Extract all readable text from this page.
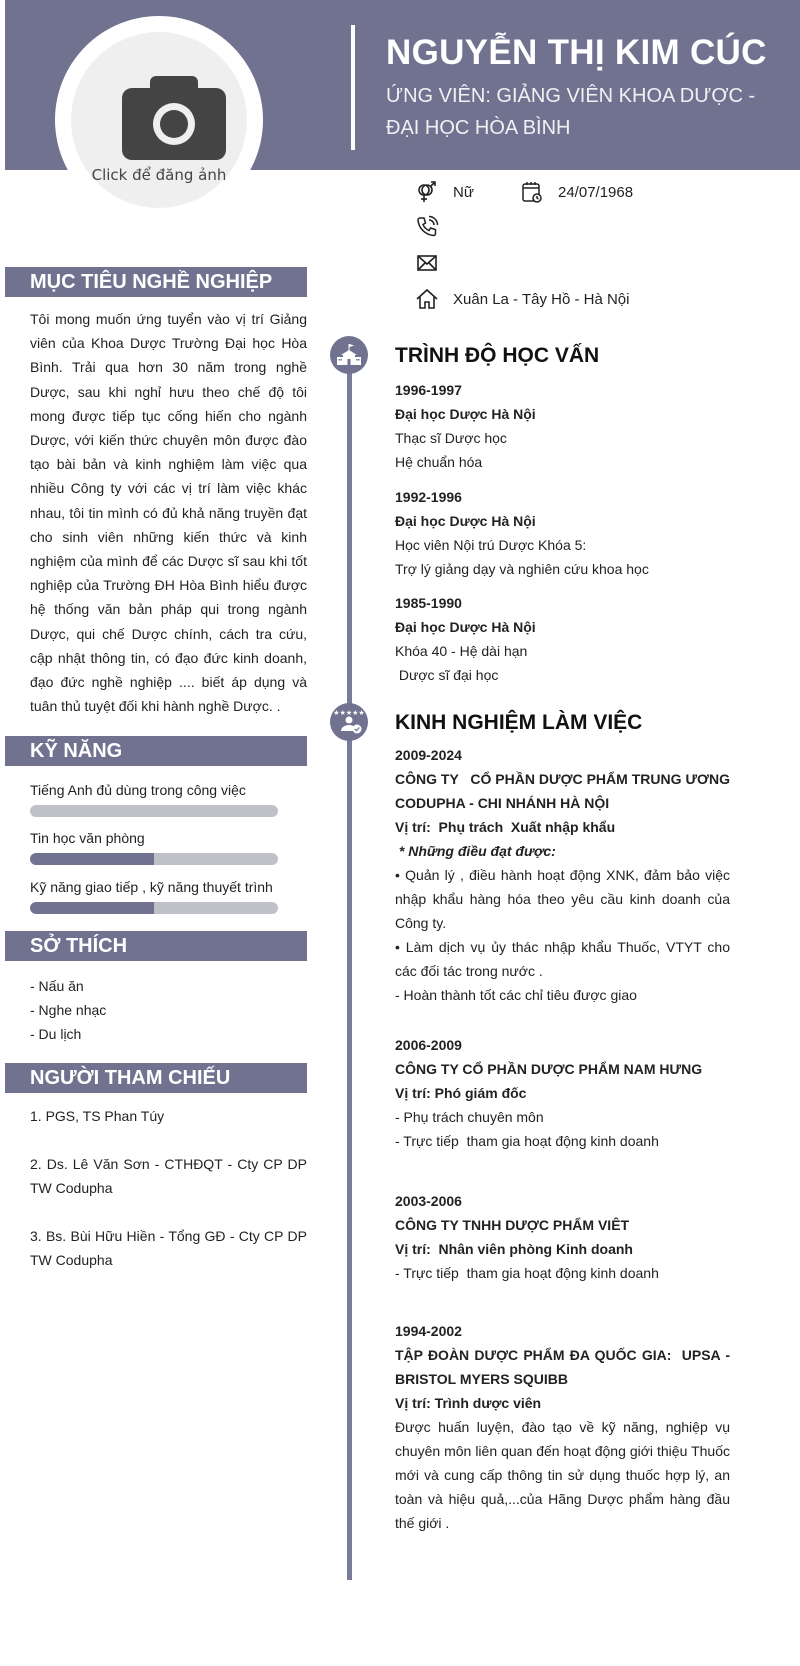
Click để đăng ảnh
NGUYỄN THỊ KIM CÚC
ỨNG VIÊN: GIẢNG VIÊN KHOA DƯỢC - ĐẠI HỌC HÒA BÌNH
Nữ	24/07/1968
Xuân La - Tây Hồ - Hà Nội
MỤC TIÊU NGHỀ NGHIỆP
Tôi mong muốn ứng tuyển vào vị trí Giảng viên của Khoa Dược Trường Đại học Hòa Bình. Trải qua hơn 30 năm trong nghề Dược, sau khi nghỉ hưu theo chế độ tôi mong được tiếp tục cống hiến cho ngành Dược, với kiến thức chuyên môn được đào tạo bài bản và kinh nghiệm làm việc qua nhiều Công ty với các vị trí làm việc khác nhau, tôi tin mình có đủ khả năng truyền đạt cho sinh viên những kiến thức và kinh nghiệm của mình để các Dược sĩ sau khi tốt nghiệp của Trường ĐH Hòa Bình hiểu được hệ thống văn bản pháp qui trong ngành Dược, qui chế Dược chính, cách tra cứu, cập nhật thông tin, có đạo đức kinh doanh, đạo đức nghề nghiệp .... biết áp dụng và tuân thủ tuyệt đối khi hành nghề Dược. .
KỸ NĂNG
Tiếng Anh đủ dùng trong công việc
Tin học văn phòng
Kỹ năng giao tiếp , kỹ năng thuyết trình
SỞ THÍCH
- Nấu ăn
- Nghe nhạc
- Du lịch
NGƯỜI THAM CHIẾU
1. PGS, TS Phan Túy
2. Ds. Lê Văn Sơn - CTHĐQT - Cty CP DP TW Codupha
3. Bs. Bùi Hữu Hiền - Tổng GĐ - Cty CP DP TW Codupha
TRÌNH ĐỘ HỌC VẤN
1996-1997
Đại học Dược Hà Nội
Thạc sĩ Dược học
Hệ chuẩn hóa
1992-1996
Đại học Dược Hà Nội
Học viên Nội trú Dược Khóa 5:
Trợ lý giảng dạy và nghiên cứu khoa học
1985-1990
Đại học Dược Hà Nội
Khóa 40 - Hệ dài hạn
Dược sĩ đại học
★★★★★ KINH NGHIỆM LÀM VIỆC
2009-2024
CÔNG TY   CỔ PHẦN DƯỢC PHẨM TRUNG ƯƠNG CODUPHA - CHI NHÁNH HÀ NỘI
Vị trí:  Phụ trách  Xuất nhập khẩu
* Những điều đạt được:
• Quản lý , điều hành hoạt động XNK, đảm bảo việc nhập khẩu hàng hóa theo yêu cầu kinh doanh của Công ty.
• Làm dịch vụ ủy thác nhập khẩu Thuốc, VTYT cho các đối tác trong nước .
- Hoàn thành tốt các chỉ tiêu được giao
2006-2009
CÔNG TY CỔ PHẦN DƯỢC PHẨM NAM HƯNG
Vị trí: Phó giám đốc
- Phụ trách chuyên môn
- Trực tiếp  tham gia hoạt động kinh doanh
2003-2006
CÔNG TY TNHH DƯỢC PHẨM VIÊT
Vị trí:  Nhân viên phòng Kinh doanh
- Trực tiếp  tham gia hoạt động kinh doanh
1994-2002
TẬP ĐOÀN DƯỢC PHẨM ĐA QUỐC GIA:  UPSA - BRISTOL MYERS SQUIBB
Vị trí: Trình dược viên
Được huấn luyện, đào tạo về kỹ năng, nghiệp vụ chuyên môn liên quan đến hoạt động giới thiệu Thuốc mới và cung cấp thông tin sử dụng thuốc hợp lý, an toàn và hiệu quả,...của Hãng Dược phẩm hàng đầu thế giới .
